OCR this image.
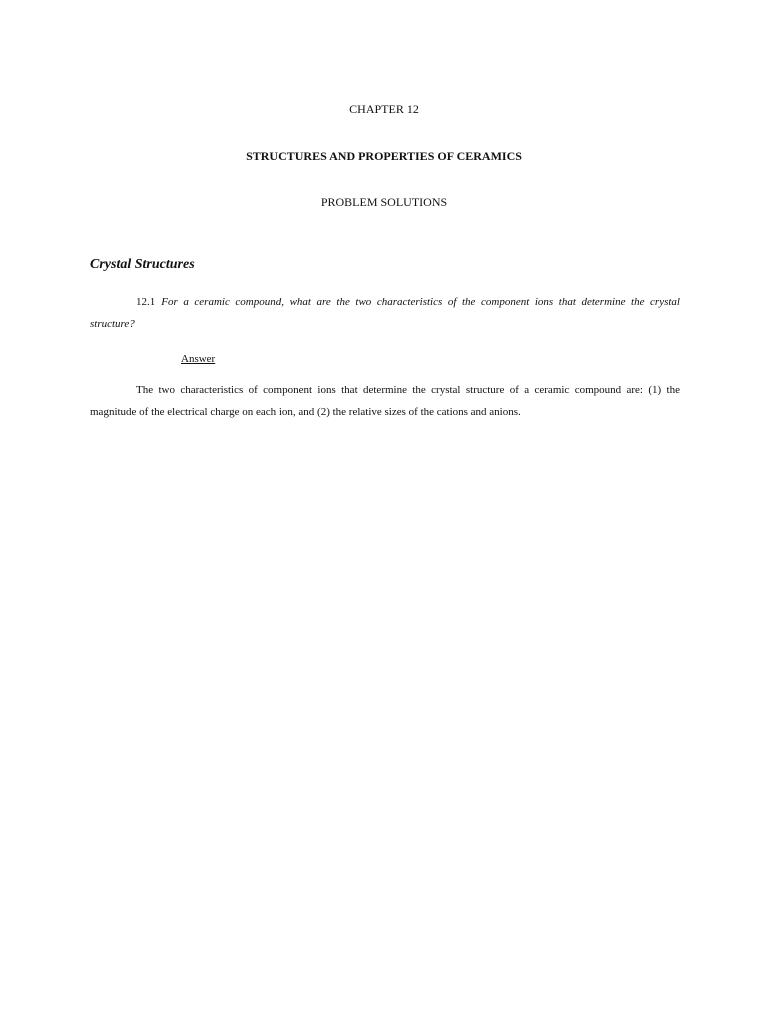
CHAPTER 12

STRUCTURES AND PROPERTIES OF CERAMICS

PROBLEM SOLUTIONS

Crystal Structures

12.1 For a ceramic compound, what are the two characteristics of the component ions that determine the crystal structure?

Answer

The two characteristics of component ions that determine the crystal structure of a ceramic compound are: (1) the magnitude of the electrical charge on each ion, and (2) the relative sizes of the cations and anions.
